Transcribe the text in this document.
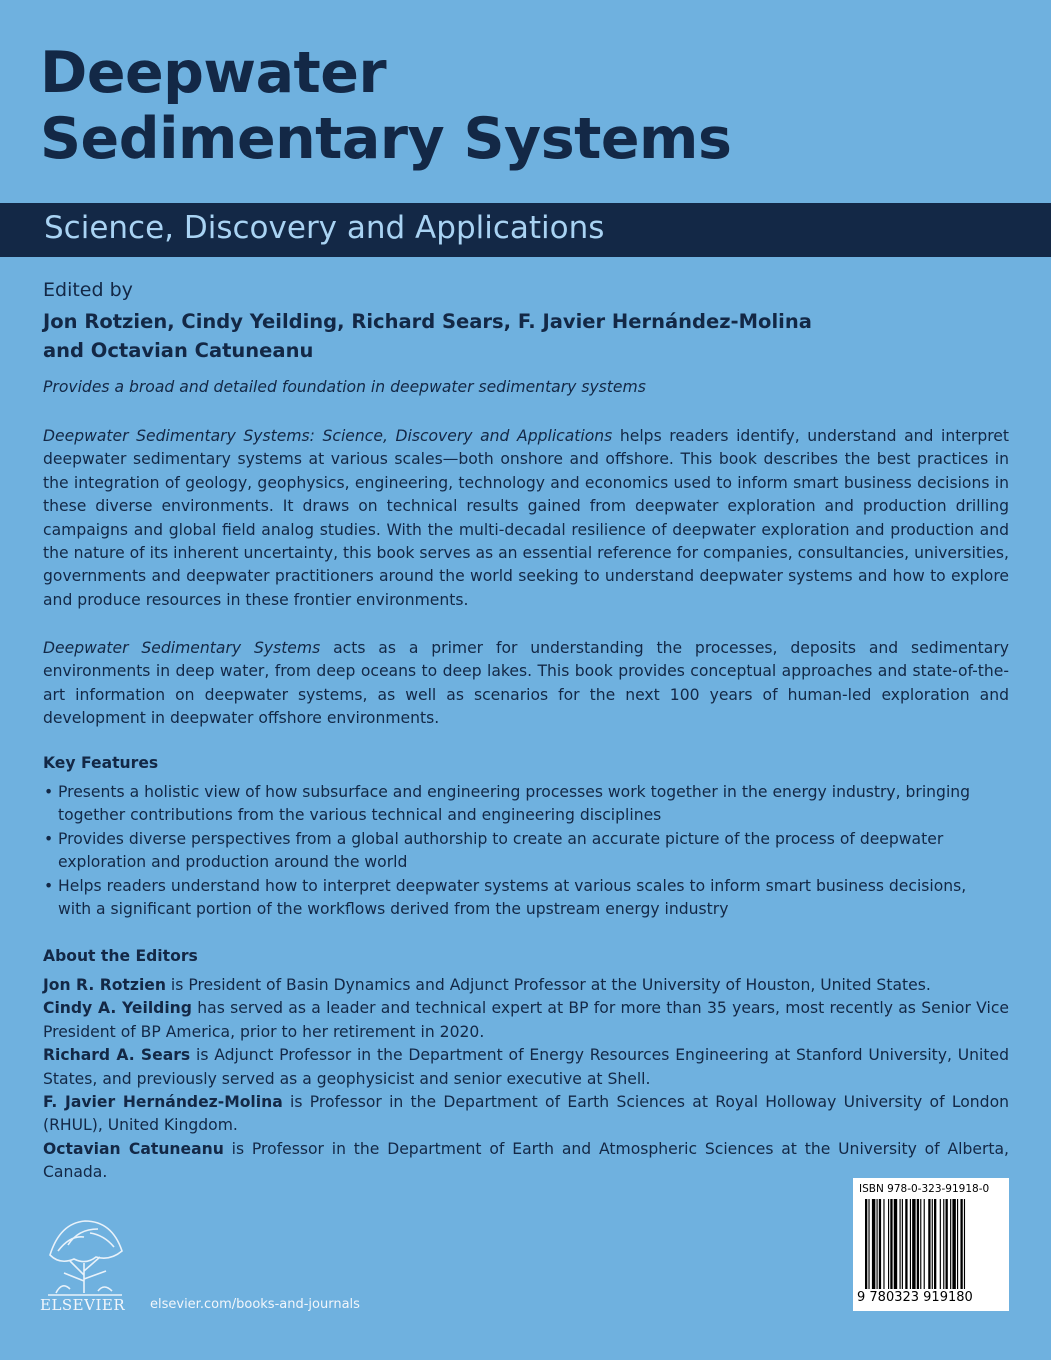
Deepwater
Sedimentary Systems
Science, Discovery and Applications
Edited by
Jon Rotzien, Cindy Yeilding, Richard Sears, F. Javier Hernández-Molina
and Octavian Catuneanu
Provides a broad and detailed foundation in deepwater sedimentary systems
Deepwater Sedimentary Systems: Science, Discovery and Applications helps readers identify, understand and interpret deepwater sedimentary systems at various scales—both onshore and offshore. This book describes the best practices in the integration of geology, geophysics, engineering, technology and economics used to inform smart business decisions in these diverse environments. It draws on technical results gained from deepwater exploration and production drilling campaigns and global field analog studies. With the multi-decadal resilience of deepwater exploration and production and the nature of its inherent uncertainty, this book serves as an essential reference for companies, consultancies, universities, governments and deepwater practitioners around the world seeking to understand deepwater systems and how to explore and produce resources in these frontier environments.
Deepwater Sedimentary Systems acts as a primer for understanding the processes, deposits and sedimentary environments in deep water, from deep oceans to deep lakes. This book provides conceptual approaches and state-of-the-art information on deepwater systems, as well as scenarios for the next 100 years of human-led exploration and development in deepwater offshore environments.
Key Features
• Presents a holistic view of how subsurface and engineering processes work together in the energy industry, bringing together contributions from the various technical and engineering disciplines
• Provides diverse perspectives from a global authorship to create an accurate picture of the process of deepwater exploration and production around the world
• Helps readers understand how to interpret deepwater systems at various scales to inform smart business decisions, with a significant portion of the workflows derived from the upstream energy industry
About the Editors
Jon R. Rotzien is President of Basin Dynamics and Adjunct Professor at the University of Houston, United States.
Cindy A. Yeilding has served as a leader and technical expert at BP for more than 35 years, most recently as Senior Vice President of BP America, prior to her retirement in 2020.
Richard A. Sears is Adjunct Professor in the Department of Energy Resources Engineering at Stanford University, United States, and previously served as a geophysicist and senior executive at Shell.
F. Javier Hernández-Molina is Professor in the Department of Earth Sciences at Royal Holloway University of London (RHUL), United Kingdom.
Octavian Catuneanu is Professor in the Department of Earth and Atmospheric Sciences at the University of Alberta, Canada.
ELSEVIER elsevier.com/books-and-journals
ISBN 978-0-323-91918-0
9 780323 919180
